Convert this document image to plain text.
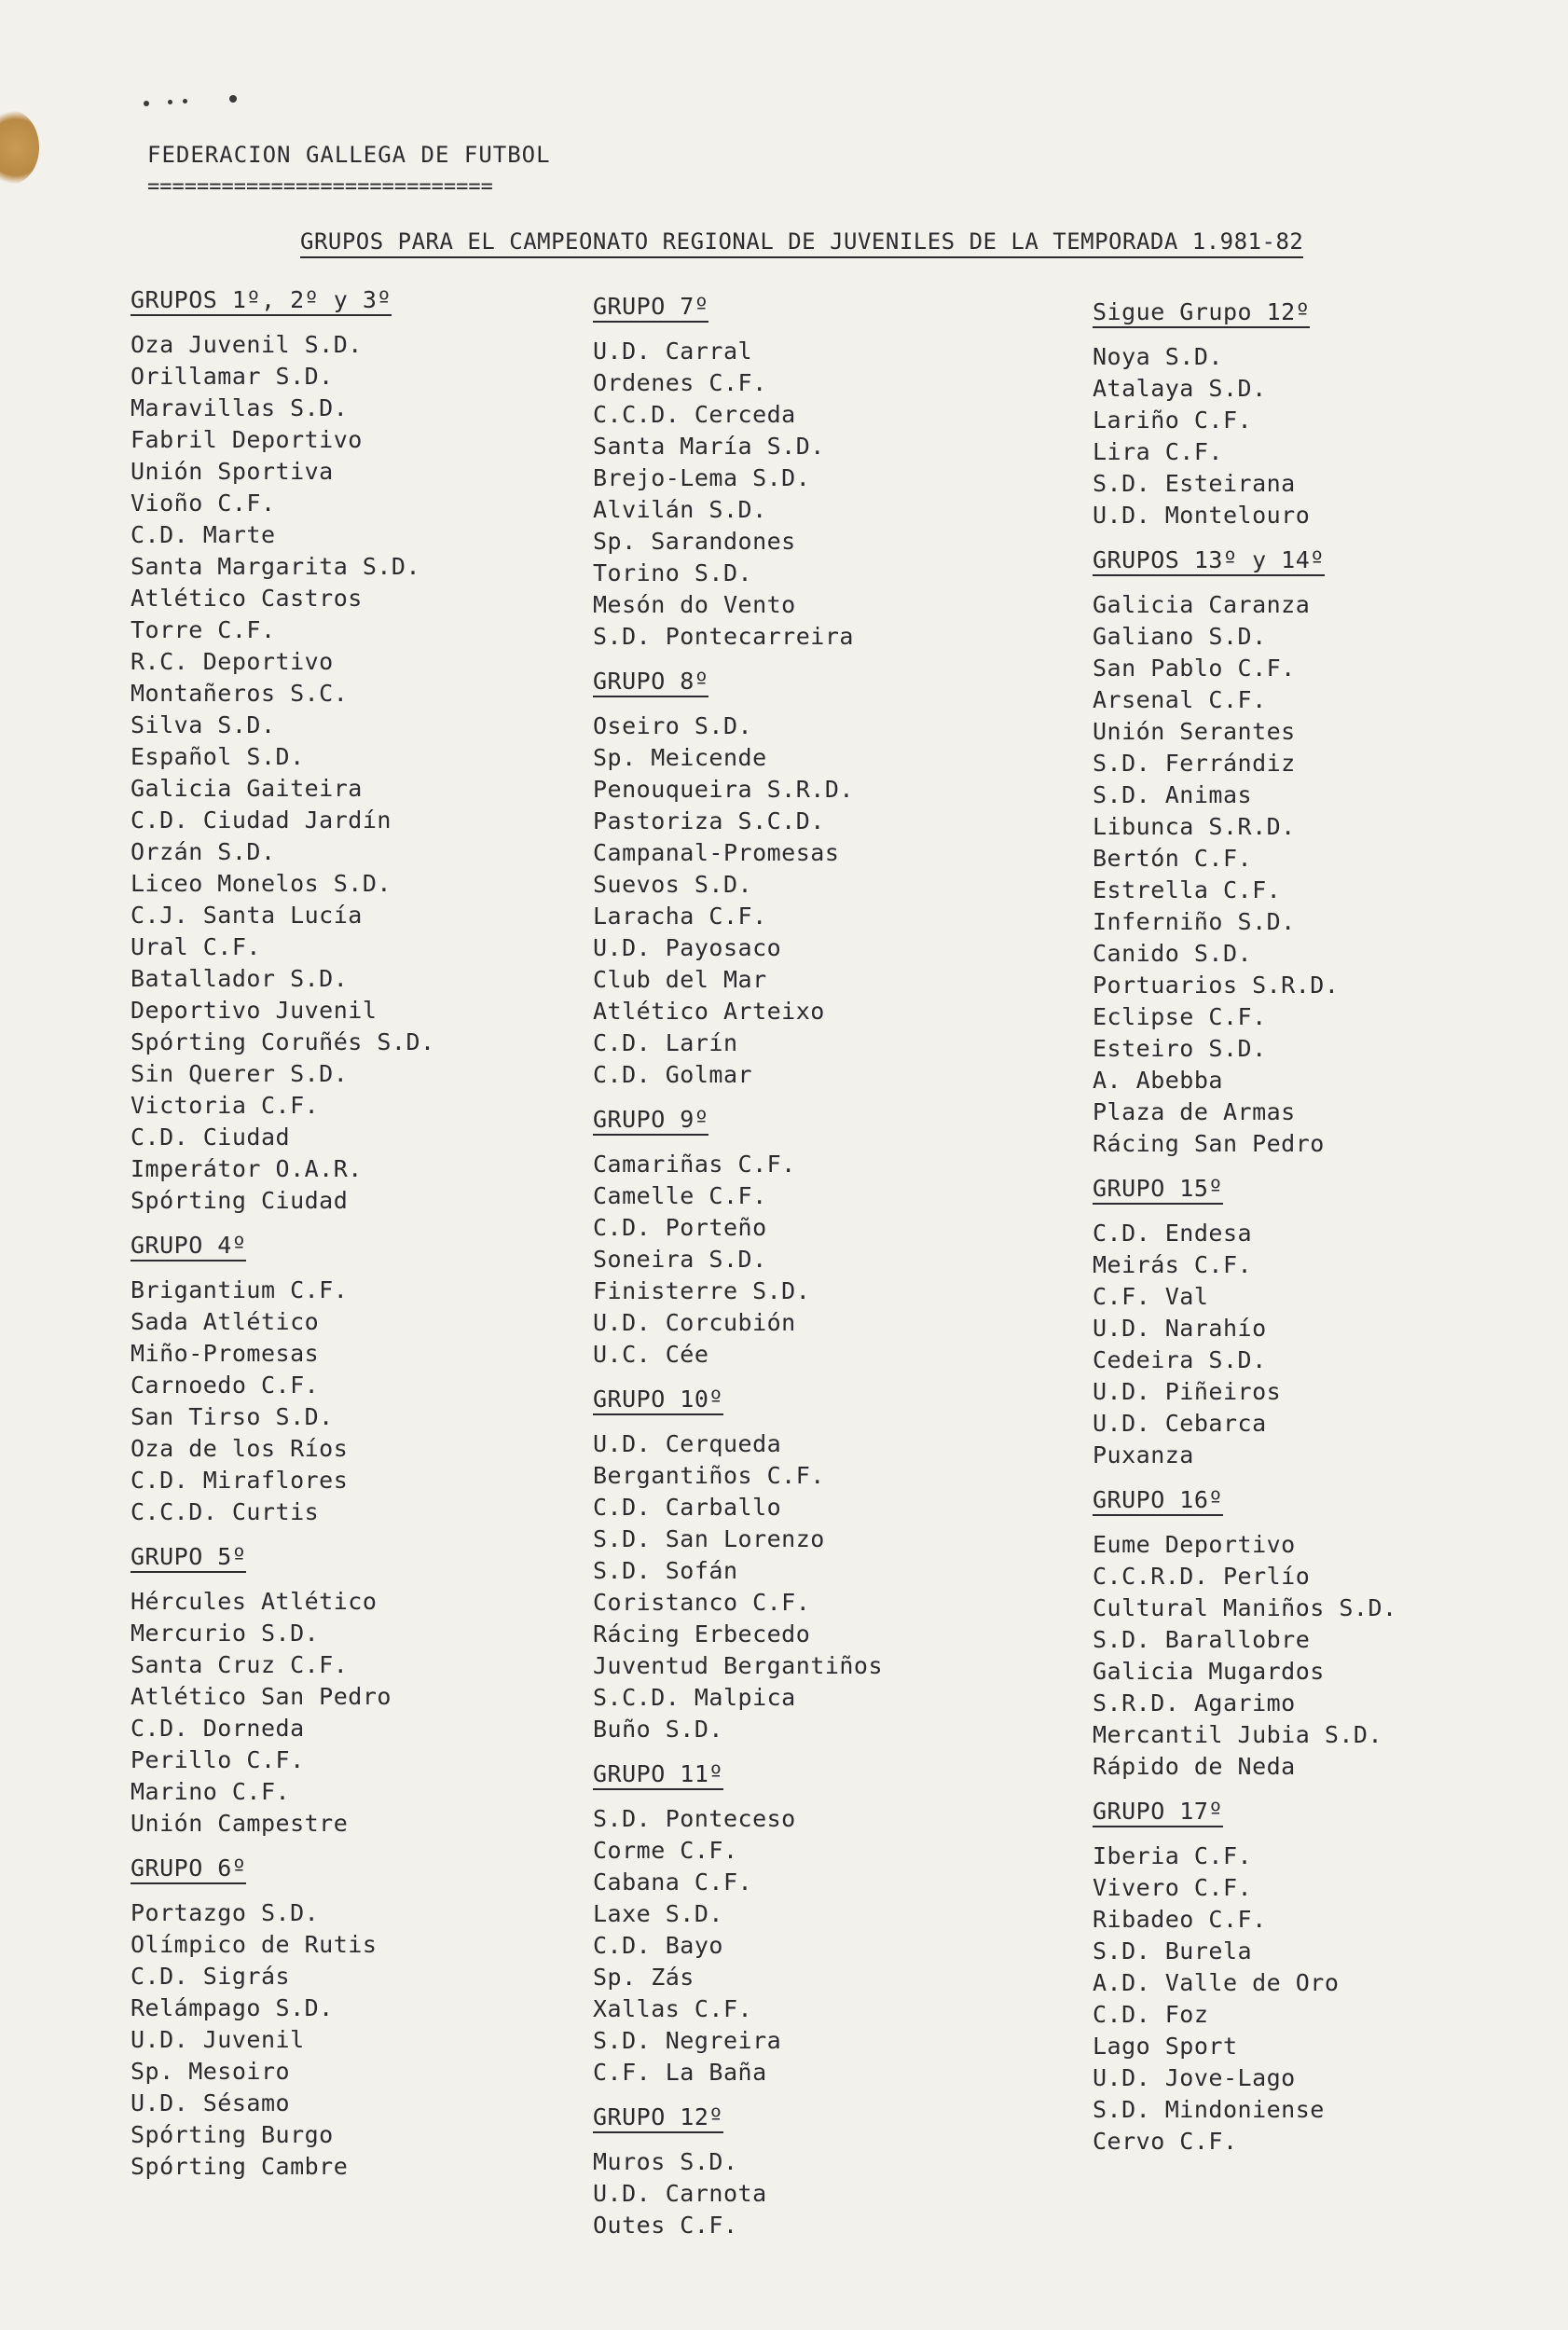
FEDERACION GALLEGA DE FUTBOL
============================
GRUPOS PARA EL CAMPEONATO REGIONAL DE JUVENILES DE LA TEMPORADA 1.981-82
GRUPOS 1º, 2º y 3º
Oza Juvenil S.D.
Orillamar S.D.
Maravillas S.D.
Fabril Deportivo
Unión Sportiva
Vioño C.F.
C.D. Marte
Santa Margarita S.D.
Atlético Castros
Torre C.F.
R.C. Deportivo
Montañeros S.C.
Silva S.D.
Español S.D.
Galicia Gaiteira
C.D. Ciudad Jardín
Orzán S.D.
Liceo Monelos S.D.
C.J. Santa Lucía
Ural C.F.
Batallador S.D.
Deportivo Juvenil
Spórting Coruñés S.D.
Sin Querer S.D.
Victoria C.F.
C.D. Ciudad
Imperátor O.A.R.
Spórting Ciudad
GRUPO 4º
Brigantium C.F.
Sada Atlético
Miño-Promesas
Carnoedo C.F.
San Tirso S.D.
Oza de los Ríos
C.D. Miraflores
C.C.D. Curtis
GRUPO 5º
Hércules Atlético
Mercurio S.D.
Santa Cruz C.F.
Atlético San Pedro
C.D. Dorneda
Perillo C.F.
Marino C.F.
Unión Campestre
GRUPO 6º
Portazgo S.D.
Olímpico de Rutis
C.D. Sigrás
Relámpago S.D.
U.D. Juvenil
Sp. Mesoiro
U.D. Sésamo
Spórting Burgo
Spórting Cambre
GRUPO 7º
U.D. Carral
Ordenes C.F.
C.C.D. Cerceda
Santa María S.D.
Brejo-Lema S.D.
Alvilán S.D.
Sp. Sarandones
Torino S.D.
Mesón do Vento
S.D. Pontecarreira
GRUPO 8º
Oseiro S.D.
Sp. Meicende
Penouqueira S.R.D.
Pastoriza S.C.D.
Campanal-Promesas
Suevos S.D.
Laracha C.F.
U.D. Payosaco
Club del Mar
Atlético Arteixo
C.D. Larín
C.D. Golmar
GRUPO 9º
Camariñas C.F.
Camelle C.F.
C.D. Porteño
Soneira S.D.
Finisterre S.D.
U.D. Corcubión
U.C. Cée
GRUPO 10º
U.D. Cerqueda
Bergantiños C.F.
C.D. Carballo
S.D. San Lorenzo
S.D. Sofán
Coristanco C.F.
Rácing Erbecedo
Juventud Bergantiños
S.C.D. Malpica
Buño S.D.
GRUPO 11º
S.D. Ponteceso
Corme C.F.
Cabana C.F.
Laxe S.D.
C.D. Bayo
Sp. Zás
Xallas C.F.
S.D. Negreira
C.F. La Baña
GRUPO 12º
Muros S.D.
U.D. Carnota
Outes C.F.
Sigue Grupo 12º
Noya S.D.
Atalaya S.D.
Lariño C.F.
Lira C.F.
S.D. Esteirana
U.D. Montelouro
GRUPOS 13º y 14º
Galicia Caranza
Galiano S.D.
San Pablo C.F.
Arsenal C.F.
Unión Serantes
S.D. Ferrándiz
S.D. Animas
Libunca S.R.D.
Bertón C.F.
Estrella C.F.
Inferniño S.D.
Canido S.D.
Portuarios S.R.D.
Eclipse C.F.
Esteiro S.D.
A. Abebba
Plaza de Armas
Rácing San Pedro
GRUPO 15º
C.D. Endesa
Meirás C.F.
C.F. Val
U.D. Narahío
Cedeira S.D.
U.D. Piñeiros
U.D. Cebarca
Puxanza
GRUPO 16º
Eume Deportivo
C.C.R.D. Perlío
Cultural Maniños S.D.
S.D. Barallobre
Galicia Mugardos
S.R.D. Agarimo
Mercantil Jubia S.D.
Rápido de Neda
GRUPO 17º
Iberia C.F.
Vivero C.F.
Ribadeo C.F.
S.D. Burela
A.D. Valle de Oro
C.D. Foz
Lago Sport
U.D. Jove-Lago
S.D. Mindoniense
Cervo C.F.
